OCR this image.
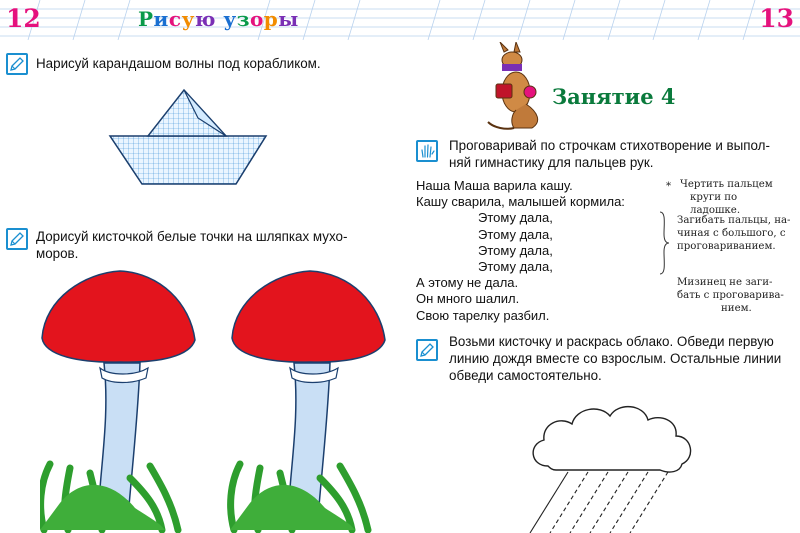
12	Рисую узоры
Нарисуй карандашом волны под корабликом.
Дорисуй кисточкой белые точки на шляпках мухо-
моров.
13
Занятие 4
Проговаривай по строчкам стихотворение и выпол-
няй гимнастику для пальцев рук.
Наша Маша варила кашу.
Кашу сварила, малышей кормила:
Этому дала,
Этому дала,
Этому дала,
Этому дала,
А этому не дала.
Он много шалил.
Свою тарелку разбил.
* Чертить пальцем
круги по ладошке.
Загибать пальцы, на-
чиная с большого, с
проговариванием.
Мизинец не заги-
бать с проговарива-
нием.
Возьми кисточку и раскрась облако. Обведи первую
линию дождя вместе со взрослым. Остальные линии
обведи самостоятельно.
